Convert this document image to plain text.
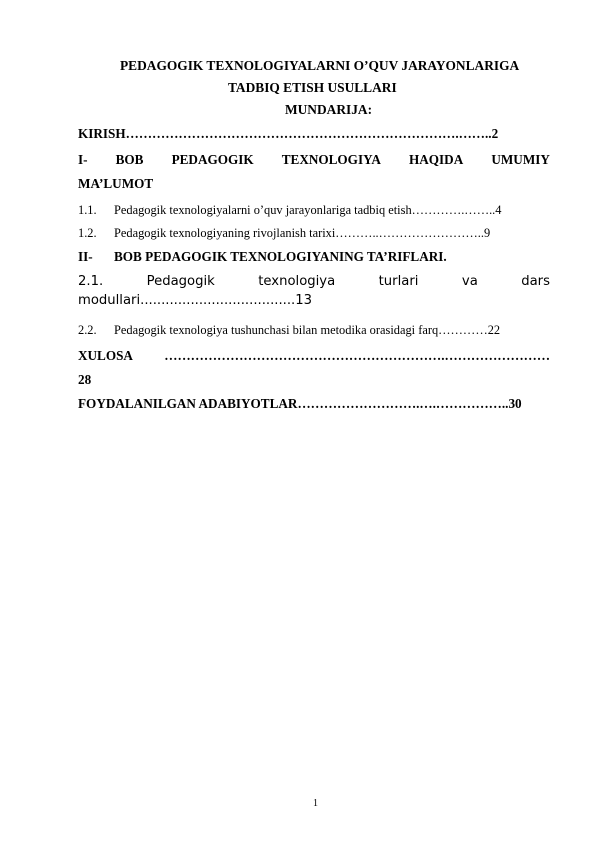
PEDAGOGIK TEXNOLOGIYALARNI O’QUV JARAYONLARIGA
TADBIQ ETISH USULLARI
MUNDARIJA:
KIRISH………………………………………………………………….……..2
I- BOB PEDAGOGIK TEXNOLOGIYA HAQIDA UMUMIY
MA’LUMOT
1.1. Pedagogik texnologiyalarni o’quv jarayonlariga tadbiq etish………….……..4
1.2. Pedagogik texnologiyaning rivojlanish tarixi………..……………………..9
II- BOB PEDAGOGIK TEXNOLOGIYANING TA’RIFLARI.
2.1.	Pedagogik	texnologiya	turlari	va	dars
modullari.....................................13
2.2. Pedagogik texnologiya tushunchasi bilan metodika orasidagi farq…………22
XULOSA ……………………………………………………….……………………
28
FOYDALANILGAN ADABIYOTLAR……………………….….……………..30
1
